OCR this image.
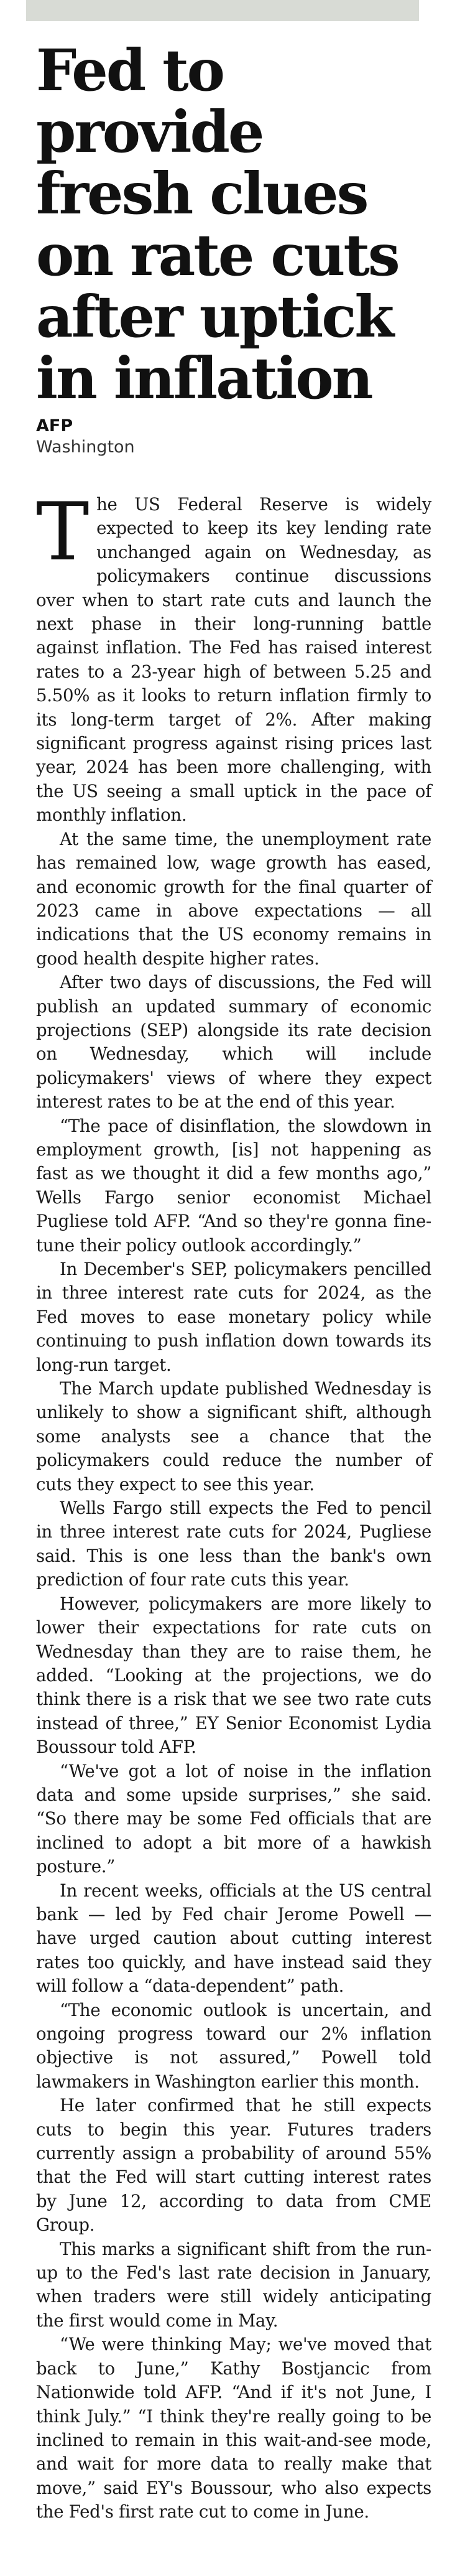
Fed to provide fresh clues on rate cuts after uptick in inflation
AFP
Washington

The US Federal Reserve is widely expected to keep its key lending rate unchanged again on Wednesday, as policymakers continue discussions over when to start rate cuts and launch the next phase in their long-running battle against inflation. The Fed has raised interest rates to a 23-year high of between 5.25 and 5.50% as it looks to return inflation firmly to its long-term target of 2%. After making significant progress against rising prices last year, 2024 has been more challenging, with the US seeing a small uptick in the pace of monthly inflation.

At the same time, the unemployment rate has remained low, wage growth has eased, and economic growth for the final quarter of 2023 came in above expectations — all indications that the US economy remains in good health despite higher rates.

After two days of discussions, the Fed will publish an updated summary of economic projections (SEP) alongside its rate decision on Wednesday, which will include policymakers' views of where they expect interest rates to be at the end of this year.

“The pace of disinflation, the slowdown in employment growth, [is] not happening as fast as we thought it did a few months ago,” Wells Fargo senior economist Michael Pugliese told AFP. “And so they're gonna fine-tune their policy outlook accordingly.”

In December's SEP, policymakers pencilled in three interest rate cuts for 2024, as the Fed moves to ease monetary policy while continuing to push inflation down towards its long-run target.

The March update published Wednesday is unlikely to show a significant shift, although some analysts see a chance that the policymakers could reduce the number of cuts they expect to see this year.

Wells Fargo still expects the Fed to pencil in three interest rate cuts for 2024, Pugliese said. This is one less than the bank's own prediction of four rate cuts this year.

However, policymakers are more likely to lower their expectations for rate cuts on Wednesday than they are to raise them, he added. “Looking at the projections, we do think there is a risk that we see two rate cuts instead of three,” EY Senior Economist Lydia Boussour told AFP.

“We've got a lot of noise in the inflation data and some upside surprises,” she said. “So there may be some Fed officials that are inclined to adopt a bit more of a hawkish posture.”

In recent weeks, officials at the US central bank — led by Fed chair Jerome Powell — have urged caution about cutting interest rates too quickly, and have instead said they will follow a “data-dependent” path.

“The economic outlook is uncertain, and ongoing progress toward our 2% inflation objective is not assured,” Powell told lawmakers in Washington earlier this month.

He later confirmed that he still expects cuts to begin this year. Futures traders currently assign a probability of around 55% that the Fed will start cutting interest rates by June 12, according to data from CME Group.

This marks a significant shift from the run-up to the Fed's last rate decision in January, when traders were still widely anticipating the first would come in May.

“We were thinking May; we've moved that back to June,” Kathy Bostjancic from Nationwide told AFP. “And if it's not June, I think July.” “I think they're really going to be inclined to remain in this wait-and-see mode, and wait for more data to really make that move,” said EY's Boussour, who also expects the Fed's first rate cut to come in June.
